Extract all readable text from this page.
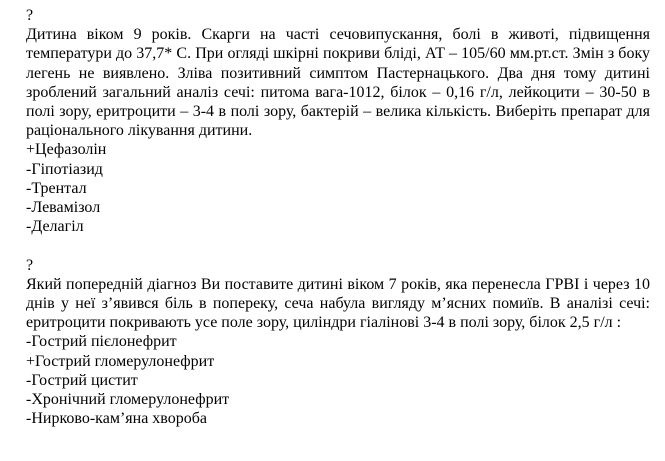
?
Дитина віком 9 років. Скарги на часті сечовипускання, болі в животі, підвищення температури до 37,7* С. При огляді шкірні покриви бліді, АТ – 105/60 мм.рт.ст. Змін з боку легень не виявлено. Зліва позитивний симптом Пастернацького. Два дня тому дитині зроблений загальний аналіз сечі: питома вага-1012, білок – 0,16 г/л, лейкоцити – 30-50 в полі зору, еритроцити – 3-4 в полі зору, бактерій – велика кількість. Виберіть препарат для раціонального лікування дитини.
+Цефазолін
-Гіпотіазид
-Трентал
-Левамізол
-Делагіл
?
Який попередній діагноз Ви поставите дитині віком 7 років, яка перенесла ГРВІ і через 10 днів у неї з’явився біль в попереку, сеча набула вигляду м’ясних помиїв. В аналізі сечі: еритроцити покривають усе поле зору, циліндри гіалінові 3-4 в полі зору, білок 2,5 г/л :
-Гострий пієлонефрит
+Гострий гломерулонефрит
-Гострий цистит
-Хронічний гломерулонефрит
-Нирково-кам’яна хвороба
